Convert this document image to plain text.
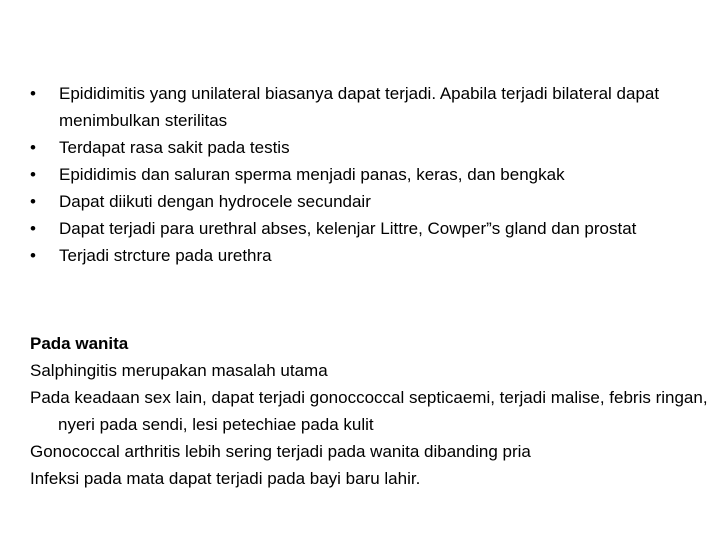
•	Epididimitis yang unilateral biasanya dapat terjadi. Apabila terjadi bilateral dapat menimbulkan sterilitas
•	Terdapat rasa sakit pada testis
•	Epididimis dan saluran sperma menjadi panas, keras, dan bengkak
•	Dapat diikuti dengan hydrocele secundair
•	Dapat terjadi para urethral abses, kelenjar Littre, Cowper”s gland dan prostat
•	Terjadi strcture pada urethra

Pada wanita

Salphingitis merupakan masalah utama

Pada keadaan sex lain, dapat terjadi gonoccoccal septicaemi, terjadi malise, febris ringan, nyeri pada sendi, lesi petechiae pada kulit

Gonococcal arthritis lebih sering terjadi pada wanita dibanding pria

Infeksi pada mata dapat terjadi pada bayi baru lahir.
